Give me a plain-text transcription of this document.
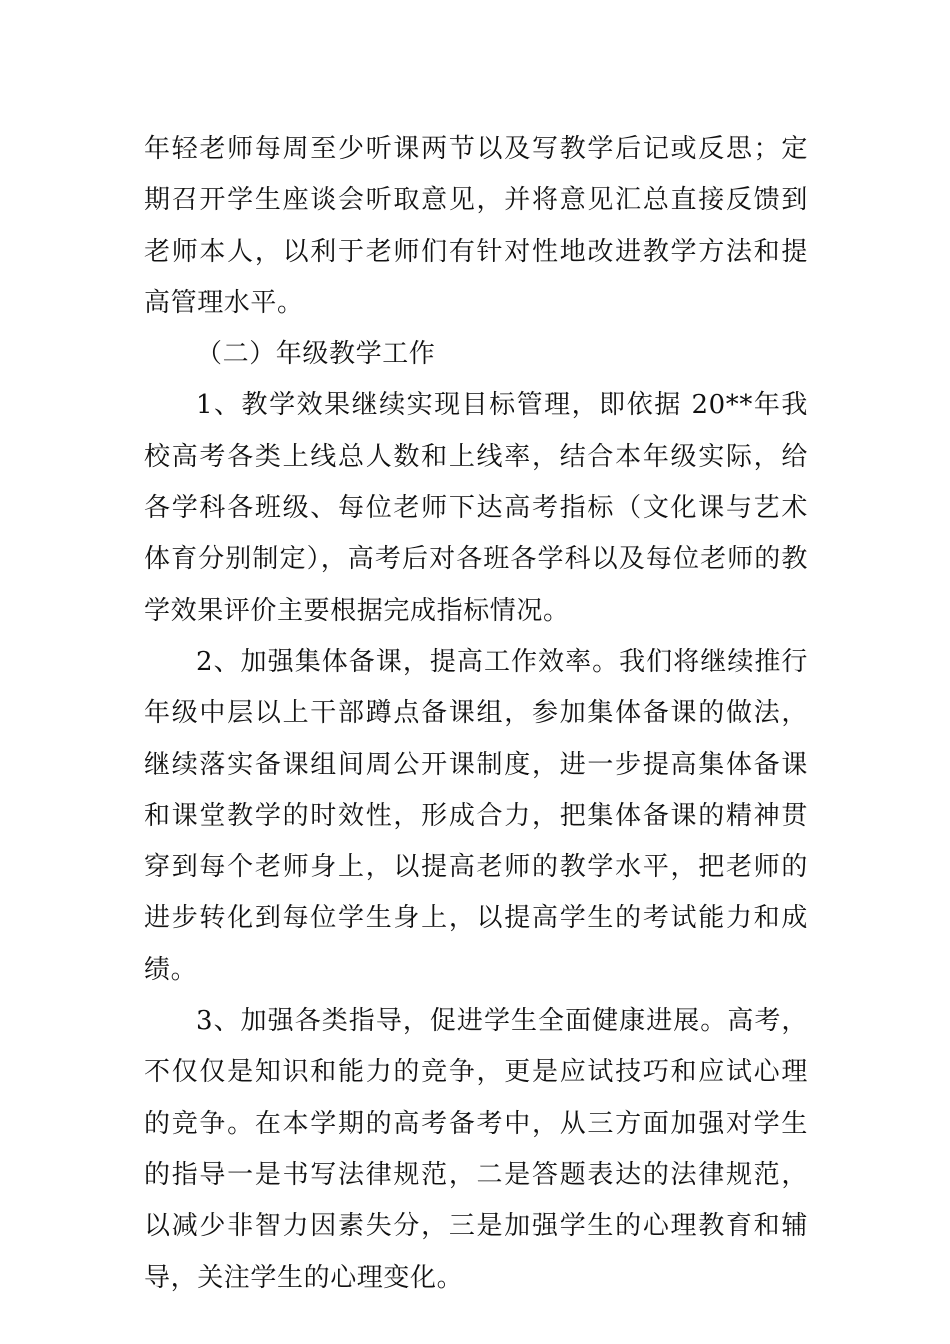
年轻老师每周至少听课两节以及写教学后记或反思；定期召开学生座谈会听取意见，并将意见汇总直接反馈到老师本人，以利于老师们有针对性地改进教学方法和提高管理水平。

（二）年级教学工作

1、教学效果继续实现目标管理，即依据 20**年我校高考各类上线总人数和上线率，结合本年级实际，给各学科各班级、每位老师下达高考指标（文化课与艺术体育分别制定），高考后对各班各学科以及每位老师的教学效果评价主要根据完成指标情况。

2、加强集体备课，提高工作效率。我们将继续推行年级中层以上干部蹲点备课组，参加集体备课的做法，继续落实备课组间周公开课制度，进一步提高集体备课和课堂教学的时效性，形成合力，把集体备课的精神贯穿到每个老师身上，以提高老师的教学水平，把老师的进步转化到每位学生身上，以提高学生的考试能力和成绩。

3、加强各类指导，促进学生全面健康进展。高考，不仅仅是知识和能力的竞争，更是应试技巧和应试心理的竞争。在本学期的高考备考中，从三方面加强对学生的指导一是书写法律规范，二是答题表达的法律规范，以减少非智力因素失分，三是加强学生的心理教育和辅导，关注学生的心理变化。
